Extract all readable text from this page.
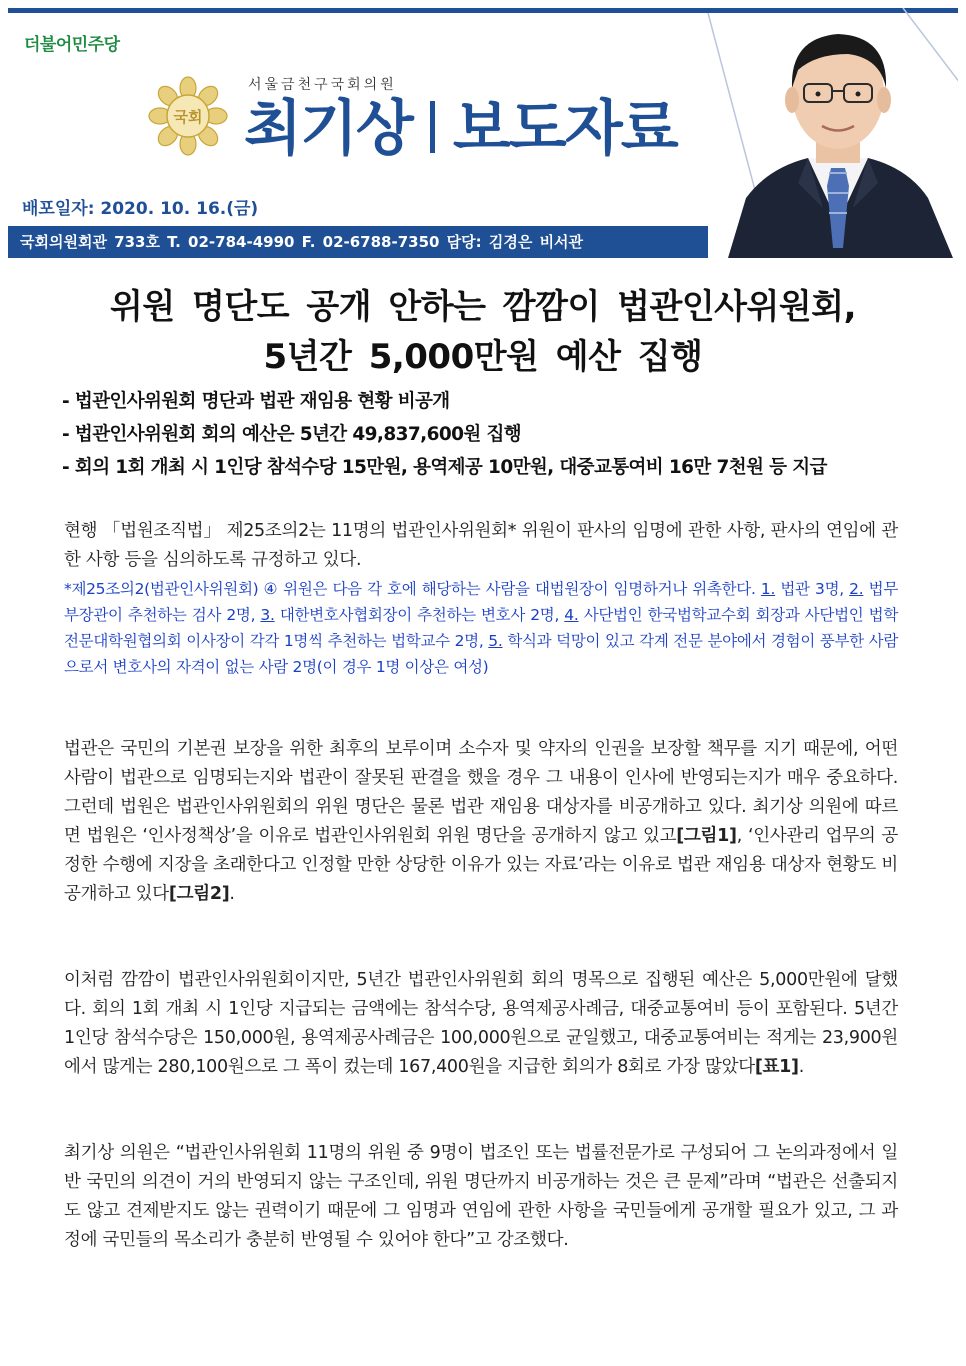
더불어민주당
국회
서울금천구국회의원
최기상 보도자료
배포일자: 2020. 10. 16.(금)
국회의원회관 733호 T. 02-784-4990 F. 02-6788-7350 담당: 김경은 비서관
위원 명단도 공개 안하는 깜깜이 법관인사위원회,
5년간 5,000만원 예산 집행
- 법관인사위원회 명단과 법관 재임용 현황 비공개
- 법관인사위원회 회의 예산은 5년간 49,837,600원 집행
- 회의 1회 개최 시 1인당 참석수당 15만원, 용역제공 10만원, 대중교통여비 16만 7천원 등 지급
현행 「법원조직법」 제25조의2는 11명의 법관인사위원회* 위원이 판사의 임명에 관한 사항, 판사의 연임에 관한 사항 등을 심의하도록 규정하고 있다.
*제25조의2(법관인사위원회) ④ 위원은 다음 각 호에 해당하는 사람을 대법원장이 임명하거나 위촉한다. 1. 법관 3명, 2. 법무부장관이 추천하는 검사 2명, 3. 대한변호사협회장이 추천하는 변호사 2명, 4. 사단법인 한국법학교수회 회장과 사단법인 법학전문대학원협의회 이사장이 각각 1명씩 추천하는 법학교수 2명, 5. 학식과 덕망이 있고 각계 전문 분야에서 경험이 풍부한 사람으로서 변호사의 자격이 없는 사람 2명(이 경우 1명 이상은 여성)
법관은 국민의 기본권 보장을 위한 최후의 보루이며 소수자 및 약자의 인권을 보장할 책무를 지기 때문에, 어떤 사람이 법관으로 임명되는지와 법관이 잘못된 판결을 했을 경우 그 내용이 인사에 반영되는지가 매우 중요하다. 그런데 법원은 법관인사위원회의 위원 명단은 물론 법관 재임용 대상자를 비공개하고 있다. 최기상 의원에 따르면 법원은 ‘인사정책상’을 이유로 법관인사위원회 위원 명단을 공개하지 않고 있고[그림1], ‘인사관리 업무의 공정한 수행에 지장을 초래한다고 인정할 만한 상당한 이유가 있는 자료’라는 이유로 법관 재임용 대상자 현황도 비공개하고 있다[그림2].
이처럼 깜깜이 법관인사위원회이지만, 5년간 법관인사위원회 회의 명목으로 집행된 예산은 5,000만원에 달했다. 회의 1회 개최 시 1인당 지급되는 금액에는 참석수당, 용역제공사례금, 대중교통여비 등이 포함된다. 5년간 1인당 참석수당은 150,000원, 용역제공사례금은 100,000원으로 균일했고, 대중교통여비는 적게는 23,900원에서 많게는 280,100원으로 그 폭이 컸는데 167,400원을 지급한 회의가 8회로 가장 많았다[표1].
최기상 의원은 “법관인사위원회 11명의 위원 중 9명이 법조인 또는 법률전문가로 구성되어 그 논의과정에서 일반 국민의 의견이 거의 반영되지 않는 구조인데, 위원 명단까지 비공개하는 것은 큰 문제”라며 “법관은 선출되지도 않고 견제받지도 않는 권력이기 때문에 그 임명과 연임에 관한 사항을 국민들에게 공개할 필요가 있고, 그 과정에 국민들의 목소리가 충분히 반영될 수 있어야 한다”고 강조했다.
